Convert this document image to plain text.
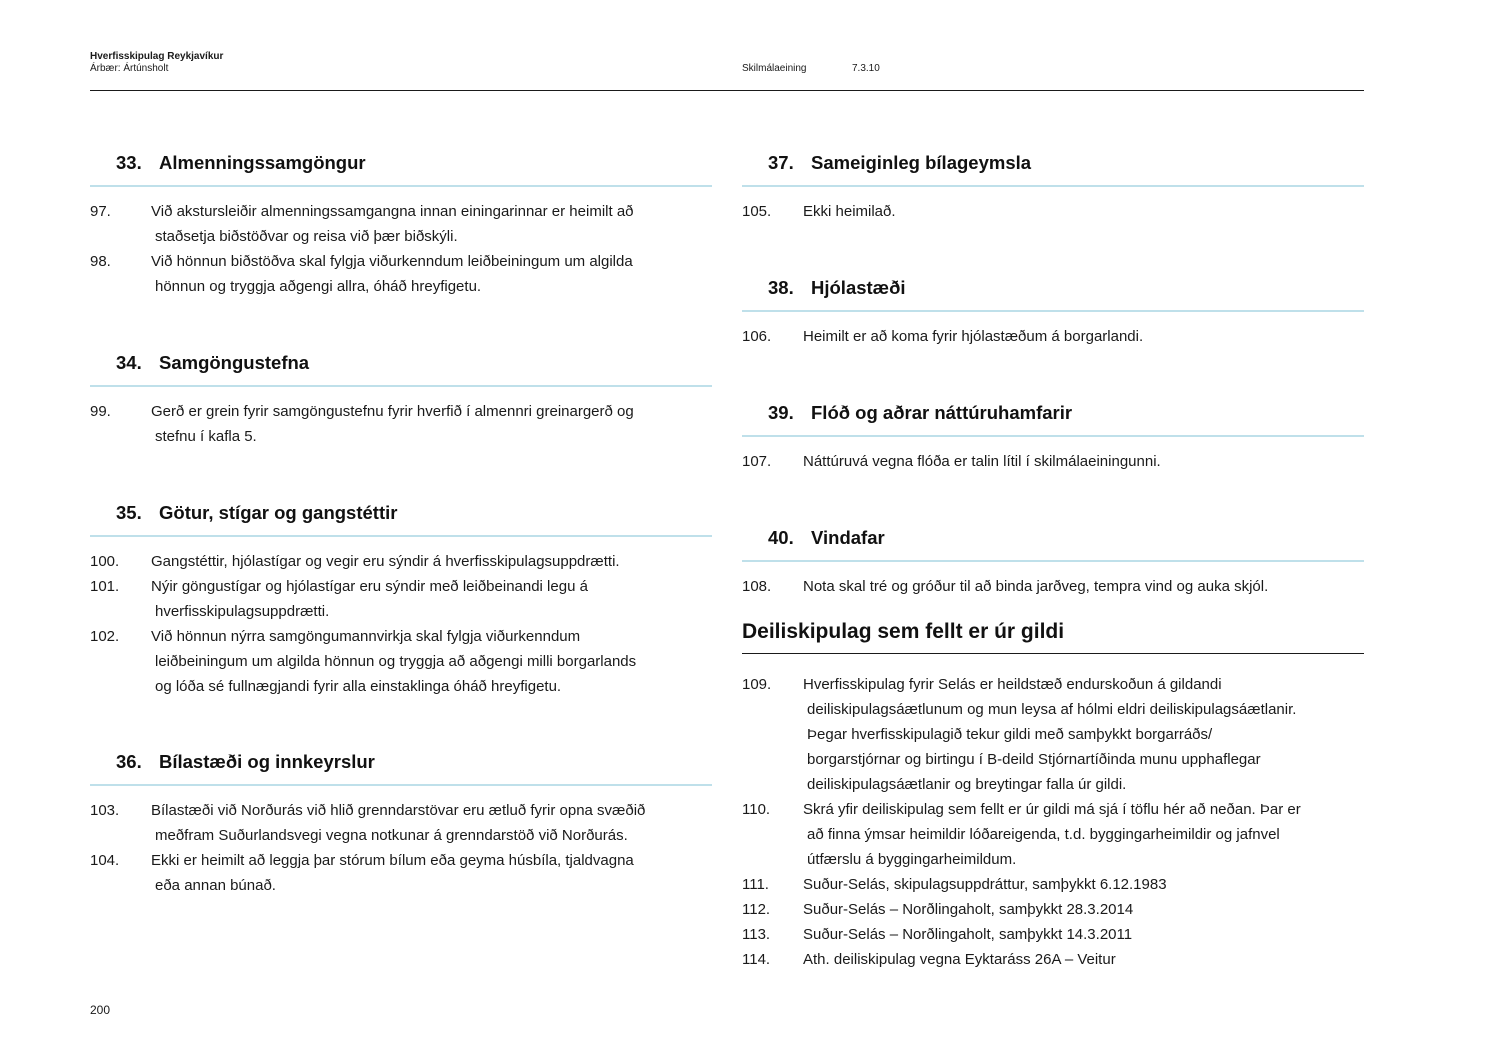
Hverfisskipulag Reykjavíkur
Árbær: Ártúnsholt	Skilmálaeining	7.3.10
33. Almenningssamgöngur
97.	Við akstursleiðir almenningssamgangna innan einingarinnar er heimilt að
staðsetja biðstöðvar og reisa við þær biðskýli.
98.	Við hönnun biðstöðva skal fylgja viðurkenndum leiðbeiningum um algilda
hönnun og tryggja aðgengi allra, óháð hreyfigetu.
34. Samgöngustefna
99.	Gerð er grein fyrir samgöngustefnu fyrir hverfið í almennri greinargerð og
stefnu í kafla 5.
35. Götur, stígar og gangstéttir
100.	Gangstéttir, hjólastígar og vegir eru sýndir á hverfisskipulagsuppdrætti.
101.	Nýir göngustígar og hjólastígar eru sýndir með leiðbeinandi legu á
hverfisskipulagsuppdrætti.
102.	Við hönnun nýrra samgöngumannvirkja skal fylgja viðurkenndum
leiðbeiningum um algilda hönnun og tryggja að aðgengi milli borgarlands
og lóða sé fullnægjandi fyrir alla einstaklinga óháð hreyfigetu.
36. Bílastæði og innkeyrslur
103.	Bílastæði við Norðurás við hlið grenndarstövar eru ætluð fyrir opna svæðið
meðfram Suðurlandsvegi vegna notkunar á grenndarstöð við Norðurás.
104.	Ekki er heimilt að leggja þar stórum bílum eða geyma húsbíla, tjaldvagna
eða annan búnað.
37. Sameiginleg bílageymsla
105.	Ekki heimilað.
38. Hjólastæði
106.	Heimilt er að koma fyrir hjólastæðum á borgarlandi.
39. Flóð og aðrar náttúruhamfarir
107.	Náttúruvá vegna flóða er talin lítil í skilmálaeiningunni.
40. Vindafar
108.	Nota skal tré og gróður til að binda jarðveg, tempra vind og auka skjól.
Deiliskipulag sem fellt er úr gildi
109.	Hverfisskipulag fyrir Selás er heildstæð endurskoðun á gildandi
deiliskipulagsáætlunum og mun leysa af hólmi eldri deiliskipulagsáætlanir.
Þegar hverfisskipulagið tekur gildi með samþykkt borgarráðs/
borgarstjórnar og birtingu í B-deild Stjórnartíðinda munu upphaflegar
deiliskipulagsáætlanir og breytingar falla úr gildi.
110.	Skrá yfir deiliskipulag sem fellt er úr gildi má sjá í töflu hér að neðan. Þar er
að finna ýmsar heimildir lóðareigenda, t.d. byggingarheimildir og jafnvel
útfærslu á byggingarheimildum.
111.	Suður-Selás, skipulagsuppdráttur, samþykkt 6.12.1983
112.	Suður-Selás – Norðlingaholt, samþykkt 28.3.2014
113.	Suður-Selás – Norðlingaholt, samþykkt 14.3.2011
114.	Ath. deiliskipulag vegna Eyktaráss 26A – Veitur
200
